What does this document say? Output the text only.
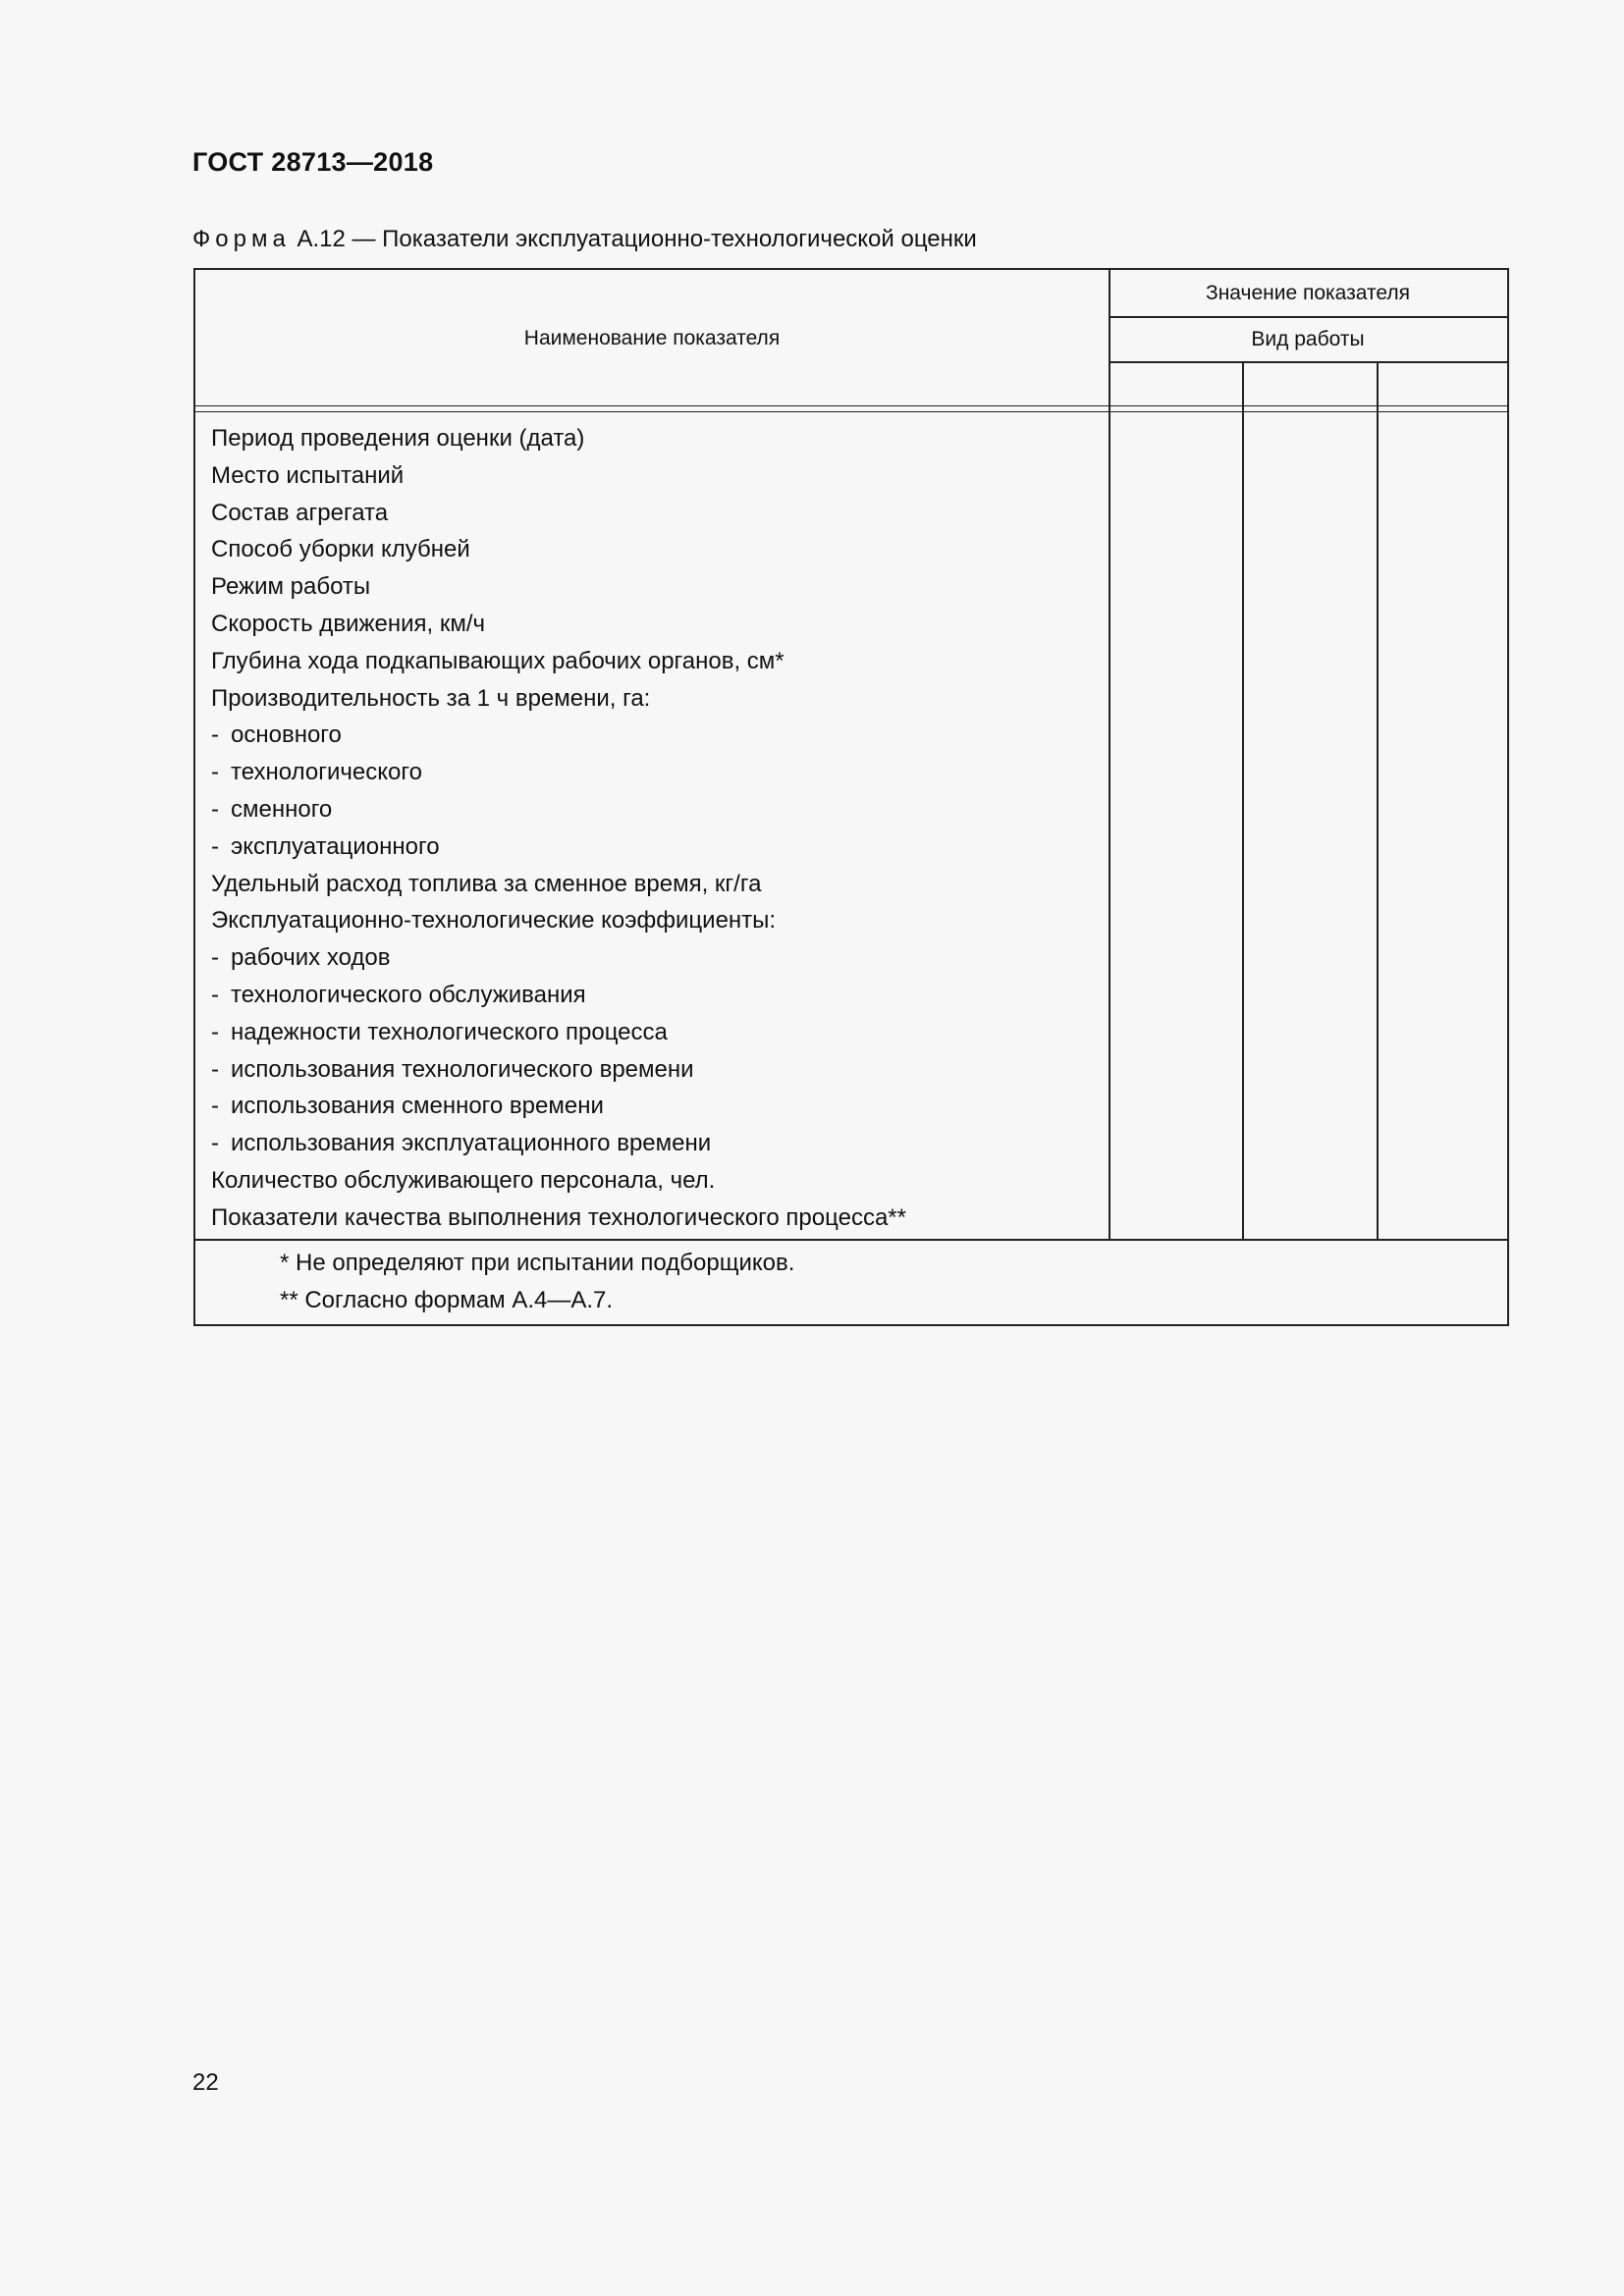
ГОСТ 28713—2018
Форма А.12 — Показатели эксплуатационно-технологической оценки
Наименование показателя
Значение показателя
Вид работы
Период проведения оценки (дата)
Место испытаний
Состав агрегата
Способ уборки клубней
Режим работы
Скорость движения, км/ч
Глубина хода подкапывающих рабочих органов, см*
Производительность за 1 ч времени, га:
- основного
- технологического
- сменного
- эксплуатационного
Удельный расход топлива за сменное время, кг/га
Эксплуатационно-технологические коэффициенты:
- рабочих ходов
- технологического обслуживания
- надежности технологического процесса
- использования технологического времени
- использования сменного времени
- использования эксплуатационного времени
Количество обслуживающего персонала, чел.
Показатели качества выполнения технологического процесса**
* Не определяют при испытании подборщиков.
** Согласно формам А.4—А.7.
22
